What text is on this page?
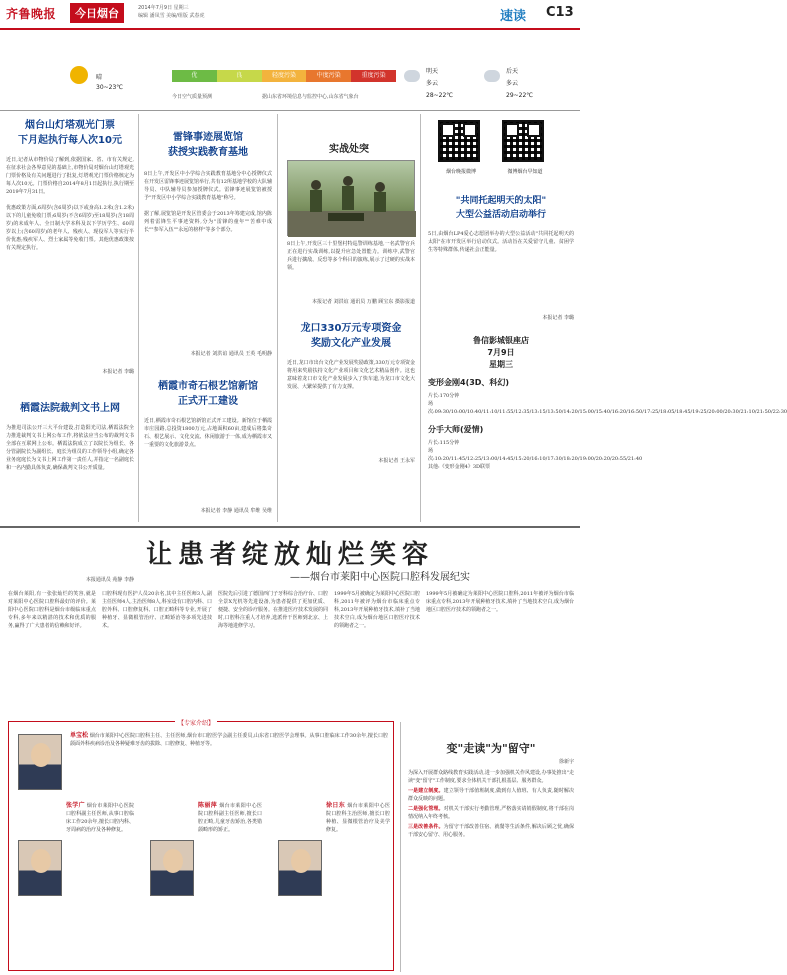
齐鲁晚报	今日烟台	2014年7月9日 星期三
编辑 潘凤雪 美编/组版 武春虎	速读 C13
晴
30~23℃
优	良	轻度污染	中度污染	重度污染
今日空气质量预测	据山东省环境信息与监控中心,山东省气象台
明天
多云
28~22℃
后天
多云
29~22℃
烟台山灯塔观光门票
下月起执行每人次10元
近日,记者从市物价局了解到,依据国家、省、市有关规定,在征求社会各界意见的基础上,市物价局对烟台山灯塔观光门票价格及有关问题进行了批复,灯塔观光门票价格核定为每人次10元。门票价格自2014年8月1日起执行,执行期至2019年7月31日。

优惠政策方面,6周岁(含6周岁)以下或身高1.2米(含1.2米)以下的儿童免收门票;6周岁(不含6周岁)至18周岁(含18周岁)的未成年人、全日制大学本科及以下学历学生、60周岁以上(含60周岁)的老年人、残疾人、现役军人等实行半价优惠;残疾军人、烈士家属等免收门票。其他优惠政策按有关规定执行。
本报记者 李璐
栖霞法院裁判文书上网
为推进司法公开三大平台建设,打造阳光司法,栖霞法院全力推进裁判文书上网公布工作,将依法应当公布的裁判文书全部在互联网上公布。栖霞法院成立了以院长为组长、各分管副院长为副组长、庭长为组员的工作领导小组,确定各业务庭庭长为文书上网工作第一责任人,并指定一名副庭长和一名内勤具体负责,确保裁判文书公开质量。
本报通讯员 苑静 李静
雷锋事迹展览馆
获授实践教育基地
8日上午,开发区中小学综合实践教育基地分中心授牌仪式在开发区雷锋事迹展览馆举行,共有12所基地学校的大队辅导员、中队辅导员参加授牌仪式。雷锋事迹展览馆被授予"开发区中小学综合实践教育基地"称号。

据了解,展览馆是开发区管委会于2013年筹建完成,馆内陈列着雷锋生平事迹资料,分为"雷锋的童年""苦难中成长""参军入伍""永远的榜样"等多个部分。
本报记者 刘洪谊 通讯员 王英 毛明静
栖霞市奇石根艺馆新馆
正式开工建设
近日,栖霞市奇石根艺馆新馆正式开工建设。新馆位于栖霞市庄园路,总投资1800万元,占地面积60亩,建成后将集奇石、根艺展示、文化交流、休闲旅游于一体,成为栖霞市又一重要的文化旅游景点。
本报记者 李静 通讯员 牟维 吴维
实战处突
8日上午,开发区三十里堡村特巡警训练基地,一名武警官兵正在进行实战训练,以提升应急处置能力。训练中,武警官兵进行擒敌、反恐等多个科目的演练,展示了过硬的实战本领。
本报记者 刘洪谊 通讯员 万鹏 顾宝东 摄影报道
龙口330万元专项资金
奖励文化产业发展
近日,龙口市出台文化产业发展奖励政策,330万元专项资金将用来奖励扶持文化产业项目和文化艺术精品创作。这也意味着龙口市文化产业发展步入了快车道,为龙口市文化大发展、大繁荣提供了有力支撑。
本报记者 王永军
烟台晚报微博	微博烟台早知道
"共同托起明天的太阳"
大型公益活动启动举行
5日,由烟台LP4爱心志愿团举办的大型公益活动"共同托起明天的太阳"在市开发区举行启动仪式。活动旨在关爱留守儿童、贫困学生等特殊群体,传递社会正能量。
本报记者 李璐
鲁信影城银座店
7月9日
星期三
变形金刚4(3D、科幻)
片长:170分钟
场次:09:30/10:00/10:40/11:10/11:55/12:35/13:15/13:50/14:20/15:00/15:40/16:20/16:50/17:25/18:05/18:45/19:25/20:00/20:30/21:10/21:50/22:30
分手大师(爱情)
片长:115分钟
场次:10:20/11:45/12:25/13:00/14:45/15:20/16:10/17:30/18:20/19:00/20:20/20:55/21:40
其他:《变形金刚4》3D联票
让患者绽放灿烂笑容
——烟台市莱阳中心医院口腔科发展纪实
在烟台莱阳,有一张张灿烂的笑容,就是对莱阳中心医院口腔科最好的评价。莱阳中心医院口腔科是烟台市级临床重点专科,多年来以精湛的技术和优质的服务,赢得了广大患者的信赖和好评。
口腔科现有医护人员20余名,其中主任医师3人,副主任医师4人,主治医师8人,科室设有口腔内科、口腔外科、口腔修复科、口腔正畸科等专业,开展了种植牙、显微根管治疗、正畸矫治等多项先进技术。
医院先后引进了德国西门子牙科综合治疗台、口腔全景X光机等先进设备,为患者提供了更加优质、便捷、安全的诊疗服务。在推进医疗技术发展的同时,口腔科注重人才培养,选派骨干医师到北京、上海等地进修学习。
1999年5月被确定为莱阳中心医院口腔科,2011年被评为烟台市临床重点专科,2013年开展种植牙技术,填补了当地技术空白,成为烟台地区口腔医疗技术的领跑者之一。
1999年5月被确定为莱阳中心医院口腔科,2011年被评为烟台市临床重点专科,2013年开展种植牙技术,填补了当地技术空白,成为烟台地区口腔医疗技术的领跑者之一。
【专家介绍】
单宝松 烟台市莱阳中心医院口腔科主任、主任医师,烟台市口腔医学会副主任委员,山东省口腔医学会理事。从事口腔临床工作30余年,擅长口腔颌面外科疾病诊治及各种疑难牙齿的拔除、口腔修复、种植牙等。
张学广 烟台市莱阳中心医院口腔科副主任医师,从事口腔临床工作20余年,擅长口腔内科、牙周病的治疗及各种修复。
陈丽萍 烟台市莱阳中心医院口腔科副主任医师,擅长口腔正畸,儿童牙齿矫治,各类错颌畸形的矫正。
徐日东 烟台市莱阳中心医院口腔科主治医师,擅长口腔种植、显微根管治疗及美学修复。
变"走读"为"留守"
徐新宇
为深入开展群众路线教育实践活动,进一步加强机关作风建设,办事处推出"走读"变"留守"工作制度,要求全体机关干部扎根基层、服务群众。
一是建立制度。建立领导干部值班制度,做到有人值班、有人负责,随时解决群众反映的问题。
二是强化管理。对机关干部实行考勤管理,严格落实请销假制度,将干部在岗情况纳入年终考核。
三是改善条件。为留守干部改善住宿、就餐等生活条件,解决后顾之忧,确保干部安心留守、用心服务。
